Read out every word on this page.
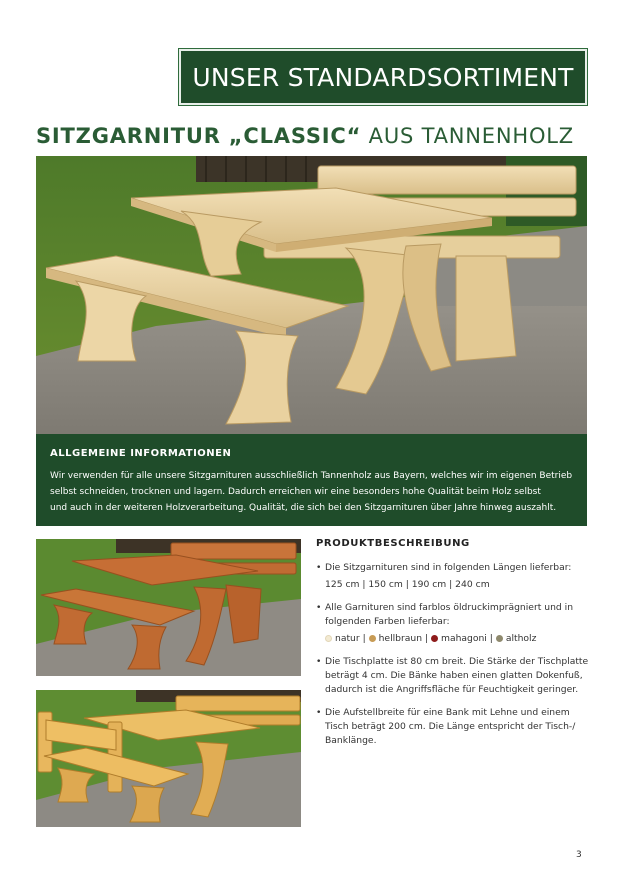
UNSER STANDARDSORTIMENT
SITZGARNITUR „CLASSIC“ AUS TANNENHOLZ
ALLGEMEINE INFORMATIONEN

Wir verwenden für alle unsere Sitzgarnituren ausschließlich Tannenholz aus Bayern, welches wir im eigenen Betrieb
selbst schneiden, trocknen und lagern. Dadurch erreichen wir eine besonders hohe Qualität beim Holz selbst
und auch in der weiteren Holzverarbeitung. Qualität, die sich bei den Sitzgarnituren über Jahre hinweg auszahlt.

PRODUKTBESCHREIBUNG
• Die Sitzgarnituren sind in folgenden Längen lieferbar:
125 cm | 150 cm | 190 cm | 240 cm
• Alle Garnituren sind farblos öldruckimprägniert und in folgenden Farben lieferbar:
natur | hellbraun | mahagoni | altholz
• Die Tischplatte ist 80 cm breit. Die Stärke der Tischplatte beträgt 4 cm. Die Bänke haben einen glatten Dokenfuß, dadurch ist die Angriffsfläche für Feuchtigkeit geringer.
• Die Aufstellbreite für eine Bank mit Lehne und einem Tisch beträgt 200 cm. Die Länge entspricht der Tisch-/ Banklänge.
3
